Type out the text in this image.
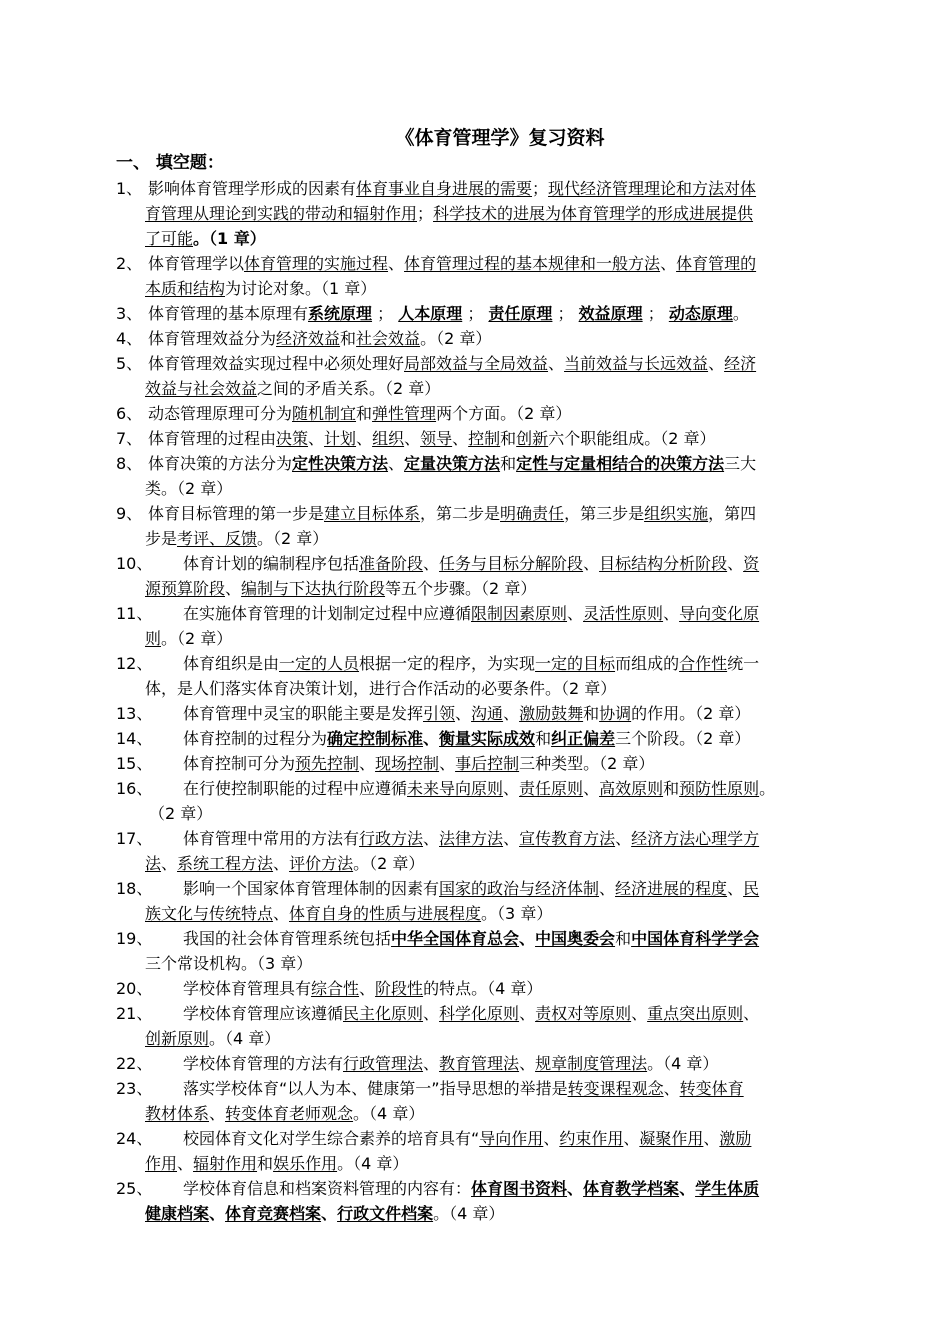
《体育管理学》复习资料
一、 填空题：
1、 影响体育管理学形成的因素有体育事业自身进展的需要；现代经济管理理论和方法对体
育管理从理论到实践的带动和辐射作用；科学技术的进展为体育管理学的形成进展提供
了可能。（1 章）
2、 体育管理学以体育管理的实施过程、体育管理过程的基本规律和一般方法、体育管理的
本质和结构为讨论对象。（1 章）
3、 体育管理的基本原理有系统原理 ； 人本原理 ； 责任原理 ； 效益原理 ； 动态原理。
4、 体育管理效益分为经济效益和社会效益。（2 章）
5、 体育管理效益实现过程中必须处理好局部效益与全局效益、当前效益与长远效益、经济
效益与社会效益之间的矛盾关系。（2 章）
6、 动态管理原理可分为随机制宜和弹性管理两个方面。（2 章）
7、 体育管理的过程由决策、计划、组织、领导、控制和创新六个职能组成。（2 章）
8、 体育决策的方法分为定性决策方法、定量决策方法和定性与定量相结合的决策方法三大
类。（2 章）
9、 体育目标管理的第一步是建立目标体系，第二步是明确责任，第三步是组织实施，第四
步是考评、反馈。（2 章）
10、 体育计划的编制程序包括准备阶段、任务与目标分解阶段、目标结构分析阶段、资
源预算阶段、编制与下达执行阶段等五个步骤。（2 章）
11、 在实施体育管理的计划制定过程中应遵循限制因素原则、灵活性原则、导向变化原
则。（2 章）
12、 体育组织是由一定的人员根据一定的程序，为实现一定的目标而组成的合作性统一
体，是人们落实体育决策计划，进行合作活动的必要条件。（2 章）
13、 体育管理中灵宝的职能主要是发挥引领、沟通、激励鼓舞和协调的作用。（2 章）
14、 体育控制的过程分为确定控制标准、衡量实际成效和纠正偏差三个阶段。（2 章）
15、 体育控制可分为预先控制、现场控制、事后控制三种类型。（2 章）
16、 在行使控制职能的过程中应遵循未来导向原则、责任原则、高效原则和预防性原则。
（2 章）
17、 体育管理中常用的方法有行政方法、法律方法、宣传教育方法、经济方法心理学方
法、系统工程方法、评价方法。（2 章）
18、 影响一个国家体育管理体制的因素有国家的政治与经济体制、经济进展的程度、民
族文化与传统特点、体育自身的性质与进展程度。（3 章）
19、 我国的社会体育管理系统包括中华全国体育总会、中国奥委会和中国体育科学学会
三个常设机构。（3 章）
20、 学校体育管理具有综合性、阶段性的特点。（4 章）
21、 学校体育管理应该遵循民主化原则、科学化原则、责权对等原则、重点突出原则、
创新原则。（4 章）
22、 学校体育管理的方法有行政管理法、教育管理法、规章制度管理法。（4 章）
23、 落实学校体育“以人为本、健康第一”指导思想的举措是转变课程观念、转变体育
教材体系、转变体育老师观念。（4 章）
24、 校园体育文化对学生综合素养的培育具有“导向作用、约束作用、凝聚作用、激励
作用、辐射作用和娱乐作用。（4 章）
25、 学校体育信息和档案资料管理的内容有：体育图书资料、体育教学档案、学生体质
健康档案、体育竞赛档案、行政文件档案。（4 章）
